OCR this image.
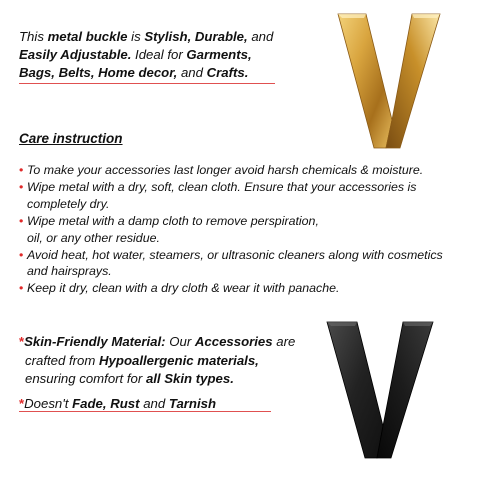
This metal buckle is Stylish, Durable, and
Easily Adjustable. Ideal for Garments,
Bags, Belts, Home decor, and Crafts.
Care instruction
• To make your accessories last longer avoid harsh chemicals & moisture.
• Wipe metal with a dry, soft, clean cloth. Ensure that your accessories is
completely dry.
• Wipe metal with a damp cloth to remove perspiration,
oil, or any other residue.
• Avoid heat, hot water, steamers, or ultrasonic cleaners along with cosmetics
and hairsprays.
• Keep it dry, clean with a dry cloth & wear it with panache.
*Skin-Friendly Material: Our Accessories are
crafted from Hypoallergenic materials,
ensuring comfort for all Skin types.
*Doesn't Fade, Rust and Tarnish
